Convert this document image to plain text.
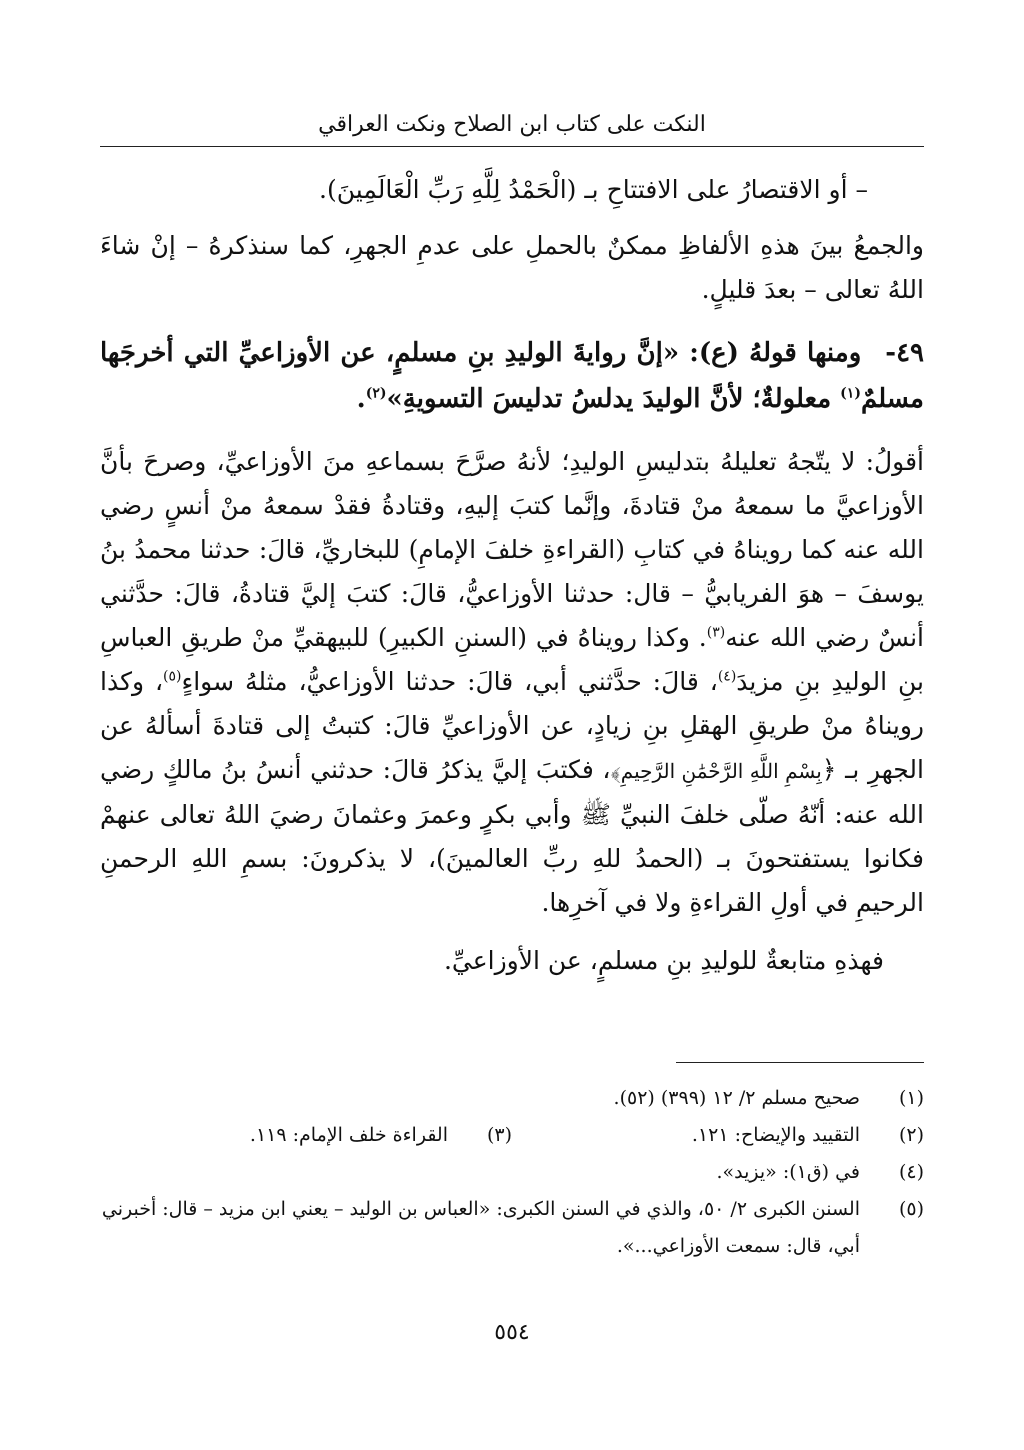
النكت على كتاب ابن الصلاح ونكت العراقي

– أو الاقتصارُ على الافتتاحِ بـ (الْحَمْدُ لِلَّهِ رَبِّ الْعَالَمِينَ).

والجمعُ بينَ هذهِ الألفاظِ ممكنٌ بالحملِ على عدمِ الجهرِ، كما سنذكرهُ – إنْ شاءَ اللهُ تعالى – بعدَ قليلٍ.

٤٩-ومنها قولهُ (ع): «إنَّ روايةَ الوليدِ بنِ مسلمٍ، عن الأوزاعيِّ التي أخرجَها مسلمٌ$^{(١)}$ معلولةٌ؛ لأنَّ الوليدَ يدلسُ تدليسَ التسويةِ»$^{(٢)}$.

أقولُ: لا يتّجهُ تعليلهُ بتدليسِ الوليدِ؛ لأنهُ صرَّحَ بسماعهِ منَ الأوزاعيِّ، وصرحَ بأنَّ الأوزاعيَّ ما سمعهُ منْ قتادةَ، وإنَّما كتبَ إليهِ، وقتادةُ فقدْ سمعهُ منْ أنسٍ رضي الله عنه كما رويناهُ في كتابِ (القراءةِ خلفَ الإمامِ) للبخاريِّ، قالَ: حدثنا محمدُ بنُ يوسفَ – هوَ الفريابيُّ – قال: حدثنا الأوزاعيُّ، قالَ: كتبَ إليَّ قتادةُ، قالَ: حدَّثني أنسٌ رضي الله عنه$^{(٣)}$. وكذا رويناهُ في (السننِ الكبيرِ) للبيهقيِّ منْ طريقِ العباسِ بنِ الوليدِ بنِ مزيدَ$^{(٤)}$، قالَ: حدَّثني أبي، قالَ: حدثنا الأوزاعيُّ، مثلهُ سواءٍ$^{(٥)}$، وكذا رويناهُ منْ طريقِ الهقلِ بنِ زيادٍ، عن الأوزاعيِّ قالَ: كتبتُ إلى قتادةَ أسألهُ عن الجهرِ بـ ﴿بِسْمِ اللَّهِ الرَّحْمَٰنِ الرَّحِيمِ﴾، فكتبَ إليَّ يذكرُ قالَ: حدثني أنسُ بنُ مالكٍ رضي الله عنه: أنّهُ صلّى خلفَ النبيِّ ﷺ وأبي بكرٍ وعمرَ وعثمانَ رضيَ اللهُ تعالى عنهمْ فكانوا يستفتحونَ بـ (الحمدُ للهِ ربِّ العالمينَ)، لا يذكرونَ: بسمِ اللهِ الرحمنِ الرحيمِ في أولِ القراءةِ ولا في آخرِها.

فهذهِ متابعةٌ للوليدِ بنِ مسلمٍ، عن الأوزاعيِّ.

(١)
صحيح مسلم ٢/ ١٢ (٣٩٩) (٥٢).
(٢)
التقييد والإيضاح: ١٢١.
(٣)
القراءة خلف الإمام: ١١٩.
(٤)
في (ق١): «يزيد».
(٥)
السنن الكبرى ٢/ ٥٠، والذي في السنن الكبرى: «العباس بن الوليد – يعني ابن مزيد – قال: أخبرني أبي، قال: سمعت الأوزاعي...».
٥٥٤
